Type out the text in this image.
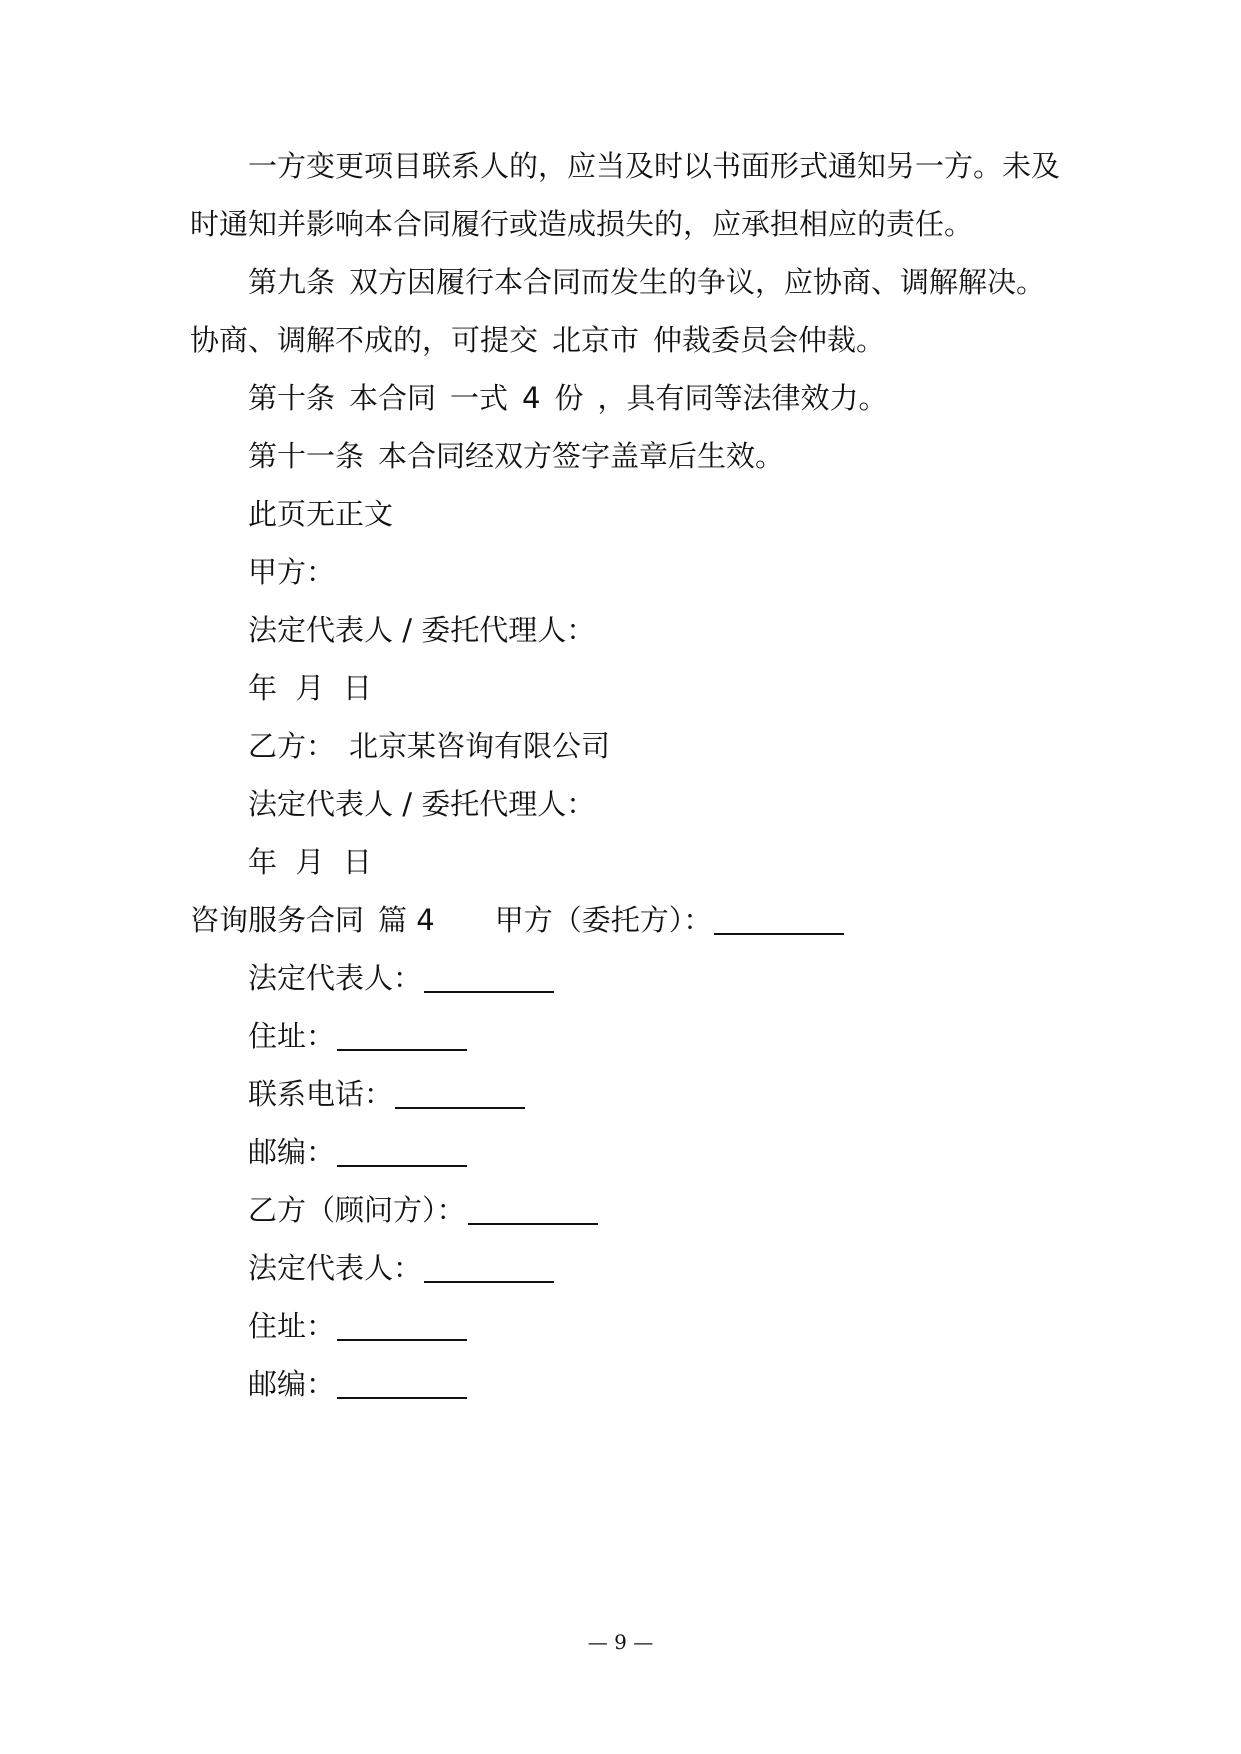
一方变更项目联系人的，应当及时以书面形式通知另一方。未及
时通知并影响本合同履行或造成损失的，应承担相应的责任。
第九条 双方因履行本合同而发生的争议，应协商、调解解决。
协商、调解不成的，可提交 北京市 仲裁委员会仲裁。
第十条 本合同 一式 4 份 ，具有同等法律效力。
第十一条 本合同经双方签字盖章后生效。
此页无正文
甲方：
法定代表人 / 委托代理人：
年  月  日
乙方： 北京某咨询有限公司
法定代表人 / 委托代理人：
年  月  日
咨询服务合同 篇 4 甲方（委托方）：
法定代表人：
住址：
联系电话：
邮编：
乙方（顾问方）：
法定代表人：
住址：
邮编：
— 9 —
